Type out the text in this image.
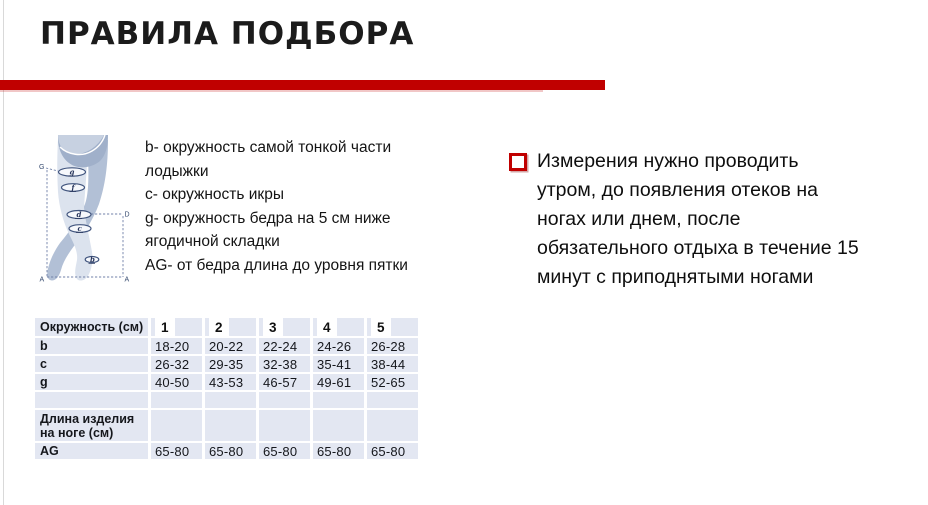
ПРАВИЛА ПОДБОРА
g
f
d
c
b
G
D
A	A
b- окружность самой тонкой части
лодыжки
c- окружность икры
g- окружность бедра на 5 см ниже
ягодичной складки
AG- от бедра длина до уровня пятки
Измерения нужно проводить
утром, до появления отеков на
ногах или днем, после
обязательного отдыха в течение 15
минут с приподнятыми ногами
Окружность (см)	1	2	3	4	5
b	18-20	20-22	22-24	24-26	26-28
c	26-32	29-35	32-38	35-41	38-44
g	40-50	43-53	46-57	49-61	52-65
Длина изделия на ноге (см)
AG	65-80	65-80	65-80	65-80	65-80
